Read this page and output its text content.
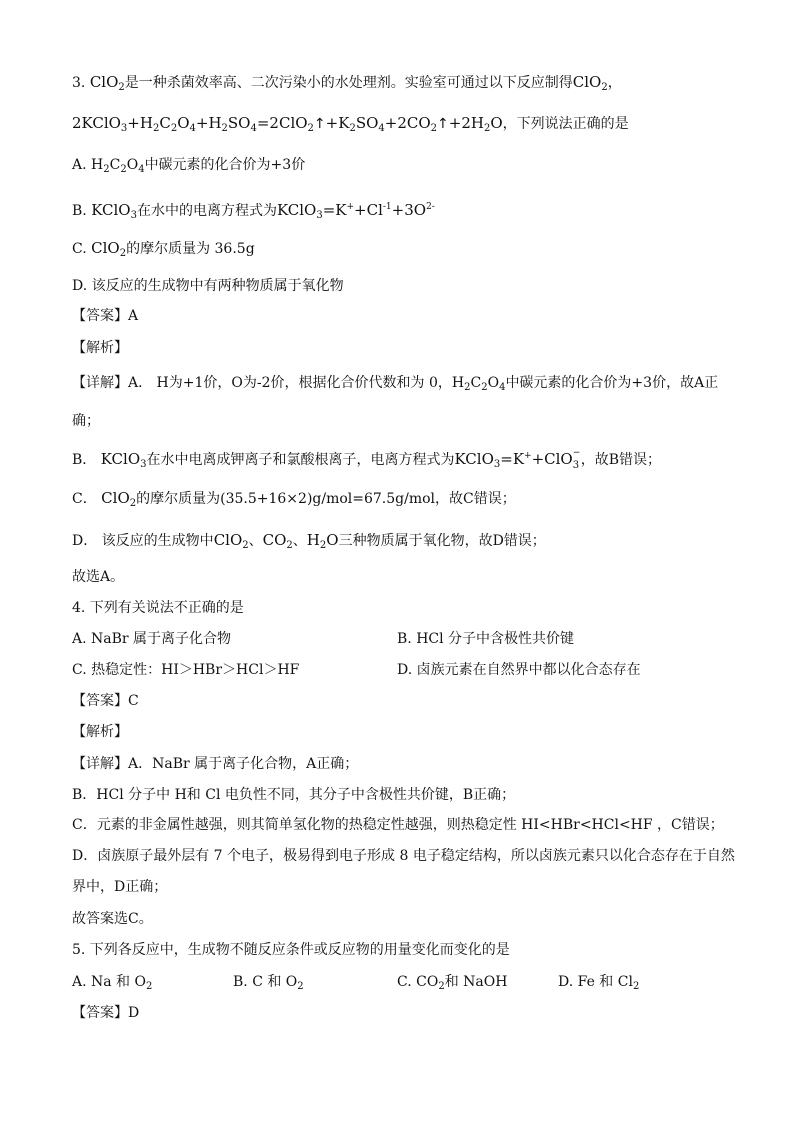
3. ClO$_2$是一种杀菌效率高、二次污染小的水处理剂。实验室可通过以下反应制得ClO$_2$，
$2KClO_3+H_2C_2O_4+H_2SO_4=2ClO_2↑+K_2SO_4+2CO_2↑+2H_2O$，下列说法正确的是
A. $H_2C_2O_4$中碳元素的化合价为+3价
B. KClO$_3$在水中的电离方程式为$KClO_3=K^++Cl^{-1}+3O^{2-}$
C. ClO$_2$的摩尔质量为 36.5g
D. 该反应的生成物中有两种物质属于氧化物
【答案】A
【解析】
【详解】A． H为+1价，O为-2价，根据化合价代数和为 0，$H_2C_2O_4$中碳元素的化合价为+3价，故A正
确；
B． KClO$_3$在水中电离成钾离子和氯酸根离子，电离方程式为KClO$_3$=K++ClO −
3 ，故B错误；
C． ClO$_2$的摩尔质量为(35.5+16×2)g/mol=67.5g/mol，故C错误；
D． 该反应的生成物中ClO$_2$、$CO_2$、$H_2O$三种物质属于氧化物，故D错误；
故选A。
4. 下列有关说法不正确的是
A. NaBr 属于离子化合物	B. HCl 分子中含极性共价键
C. 热稳定性：HI＞HBr＞HCl＞HF	D. 卤族元素在自然界中都以化合态存在
【答案】C
【解析】
【详解】A．NaBr 属于离子化合物，A正确；
B．HCl 分子中 H和 Cl 电负性不同，其分子中含极性共价键，B正确；
C．元素的非金属性越强，则其简单氢化物的热稳定性越强，则热稳定性 HI<HBr<HCl<HF ，C错误；
D．卤族原子最外层有 7 个电子，极易得到电子形成 8 电子稳定结构，所以卤族元素只以化合态存在于自然
界中，D正确；
故答案选C。
5. 下列各反应中，生成物不随反应条件或反应物的用量变化而变化的是
A. Na 和 $O_2$	B. C 和 $O_2$	C. $CO_2$和 NaOH	D. Fe 和 $Cl_2$
【答案】D
